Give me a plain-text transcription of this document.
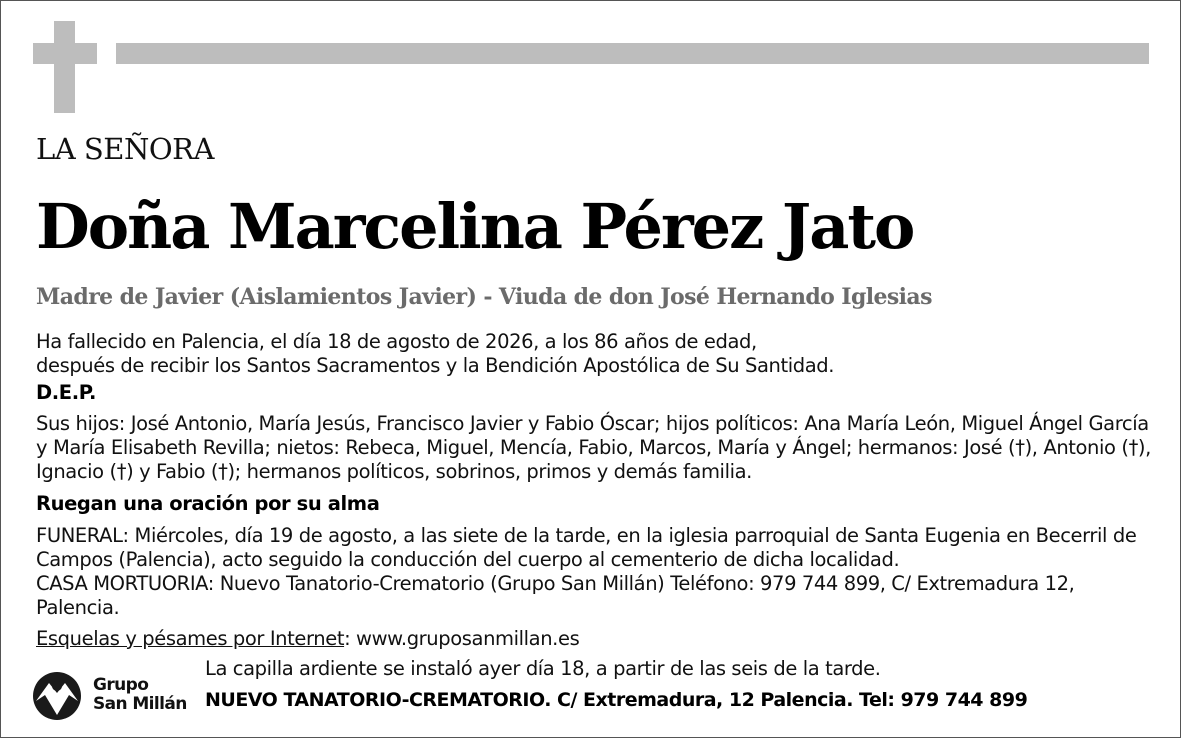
LA SEÑORA
Doña Marcelina Pérez Jato
Madre de Javier (Aislamientos Javier) - Viuda de don José Hernando Iglesias
Ha fallecido en Palencia, el día 18 de agosto de 2026, a los 86 años de edad,
después de recibir los Santos Sacramentos y la Bendición Apostólica de Su Santidad.
D.E.P.
Sus hijos: José Antonio, María Jesús, Francisco Javier y Fabio Óscar; hijos políticos: Ana María León, Miguel Ángel García y María Elisabeth Revilla; nietos: Rebeca, Miguel, Mencía, Fabio, Marcos, María y Ángel; hermanos: José (†), Antonio (†), Ignacio (†) y Fabio (†); hermanos políticos, sobrinos, primos y demás familia.
Ruegan una oración por su alma
FUNERAL: Miércoles, día 19 de agosto, a las siete de la tarde, en la iglesia parroquial de Santa Eugenia en Becerril de Campos (Palencia), acto seguido la conducción del cuerpo al cementerio de dicha localidad.
CASA MORTUORIA: Nuevo Tanatorio-Crematorio (Grupo San Millán) Teléfono: 979 744 899, C/ Extremadura 12, Palencia.
Esquelas y pésames por Internet: www.gruposanmillan.es
Grupo
San Millán
La capilla ardiente se instaló ayer día 18, a partir de las seis de la tarde.
NUEVO TANATORIO-CREMATORIO. C/ Extremadura, 12 Palencia. Tel: 979 744 899
